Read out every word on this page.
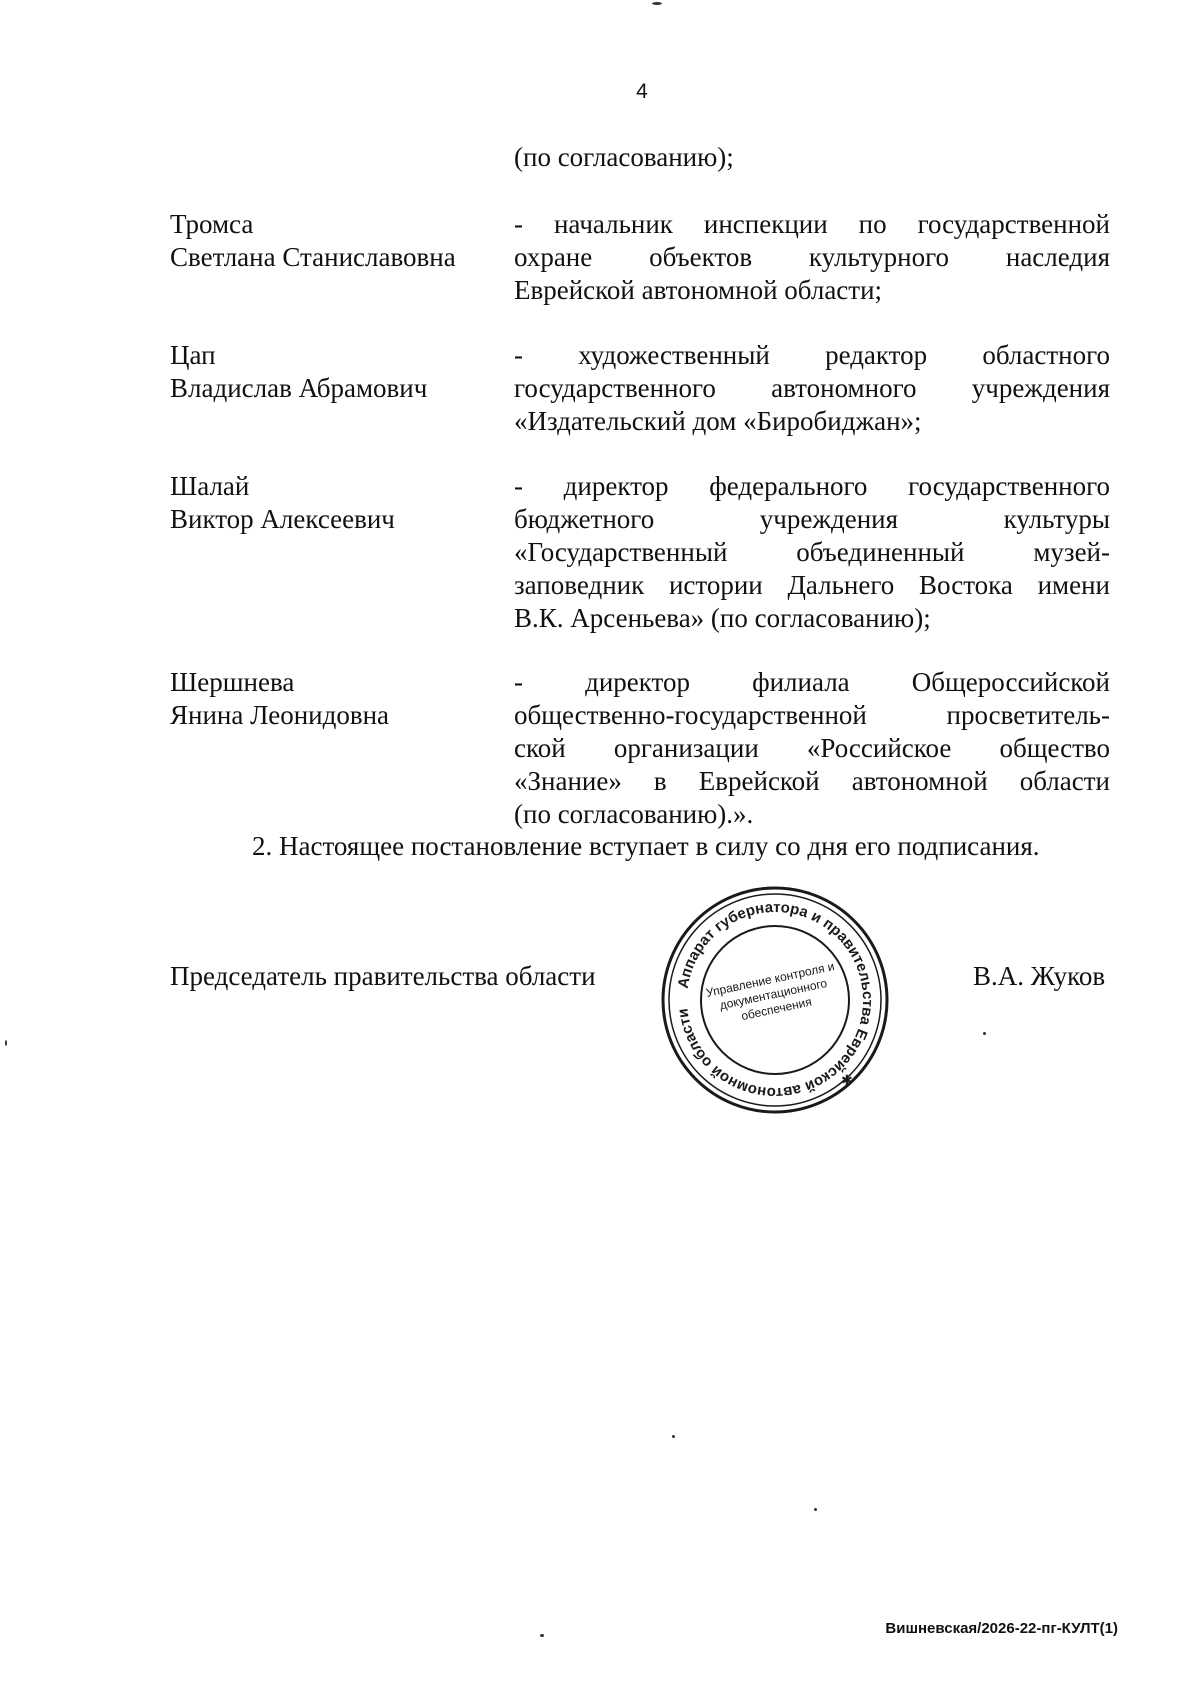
4
(по согласованию);
Тромса
Светлана Станиславовна
- начальник инспекции по государственной
охране объектов культурного наследия
Еврейской автономной области;
Цап
Владислав Абрамович
- художественный редактор областного
государственного автономного учреждения
«Издательский дом «Биробиджан»;
Шалай
Виктор Алексеевич
- директор федерального государственного
бюджетного учреждения культуры
«Государственный объединенный музей-
заповедник истории Дальнего Востока имени
В.К. Арсеньева» (по согласованию);
Шершнева
Янина Леонидовна
- директор филиала Общероссийской
общественно-государственной просветитель-
ской организации «Российское общество
«Знание» в Еврейской автономной области
(по согласованию).».
2. Настоящее постановление вступает в силу со дня его подписания.
Председатель правительства области	Аппарат губернатора и правительства Еврейской автономной области
✱
Управление контроля и документационного обеспечения
В.А. Жуков
Вишневская/2026-22-пг-КУЛТ(1)
